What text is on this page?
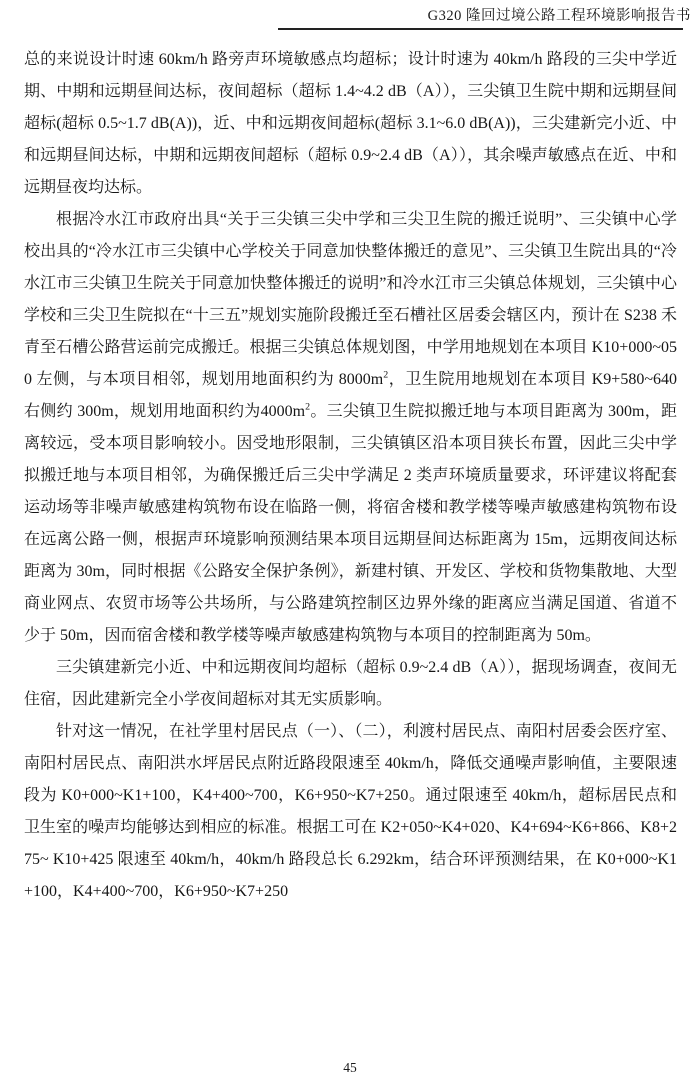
G320 隆回过境公路工程环境影响报告书

总的来说设计时速 60km/h 路旁声环境敏感点均超标；设计时速为 40km/h 路段的三尖中学近期、中期和远期昼间达标，夜间超标（超标 1.4~4.2 dB（A）），三尖镇卫生院中期和远期昼间超标(超标 0.5~1.7 dB(A))，近、中和远期夜间超标(超标 3.1~6.0 dB(A))，三尖建新完小近、中和远期昼间达标，中期和远期夜间超标（超标 0.9~2.4 dB（A）），其余噪声敏感点在近、中和远期昼夜均达标。

根据冷水江市政府出具“关于三尖镇三尖中学和三尖卫生院的搬迁说明”、三尖镇中心学校出具的“冷水江市三尖镇中心学校关于同意加快整体搬迁的意见”、三尖镇卫生院出具的“冷水江市三尖镇卫生院关于同意加快整体搬迁的说明”和冷水江市三尖镇总体规划，三尖镇中心学校和三尖卫生院拟在“十三五”规划实施阶段搬迁至石槽社区居委会辖区内，预计在 S238 禾青至石槽公路营运前完成搬迁。根据三尖镇总体规划图，中学用地规划在本项目 K10+000~050 左侧，与本项目相邻，规划用地面积约为 $8000m^2$，卫生院用地规划在本项目 K9+580~640 右侧约 300m，规划用地面积约为$4000m^2$。三尖镇卫生院拟搬迁地与本项目距离为 300m，距离较远，受本项目影响较小。因受地形限制，三尖镇镇区沿本项目狭长布置，因此三尖中学拟搬迁地与本项目相邻，为确保搬迁后三尖中学满足 2 类声环境质量要求，环评建议将配套运动场等非噪声敏感建构筑物布设在临路一侧，将宿舍楼和教学楼等噪声敏感建构筑物布设在远离公路一侧，根据声环境影响预测结果本项目远期昼间达标距离为 15m，远期夜间达标距离为 30m，同时根据《公路安全保护条例》，新建村镇、开发区、学校和货物集散地、大型商业网点、农贸市场等公共场所，与公路建筑控制区边界外缘的距离应当满足国道、省道不少于 50m，因而宿舍楼和教学楼等噪声敏感建构筑物与本项目的控制距离为 50m。

三尖镇建新完小近、中和远期夜间均超标（超标 0.9~2.4 dB（A）），据现场调查，夜间无住宿，因此建新完全小学夜间超标对其无实质影响。

针对这一情况，在社学里村居民点（一）、（二），利渡村居民点、南阳村居委会医疗室、南阳村居民点、南阳洪水坪居民点附近路段限速至 40km/h，降低交通噪声影响值，主要限速段为 K0+000~K1+100，K4+400~700，K6+950~K7+250。通过限速至 40km/h，超标居民点和卫生室的噪声均能够达到相应的标准。根据工可在 K2+050~K4+020、K4+694~K6+866、K8+275~ K10+425 限速至 40km/h，40km/h 路段总长 6.292km，结合环评预测结果，在 K0+000~K1+100，K4+400~700，K6+950~K7+250

45
